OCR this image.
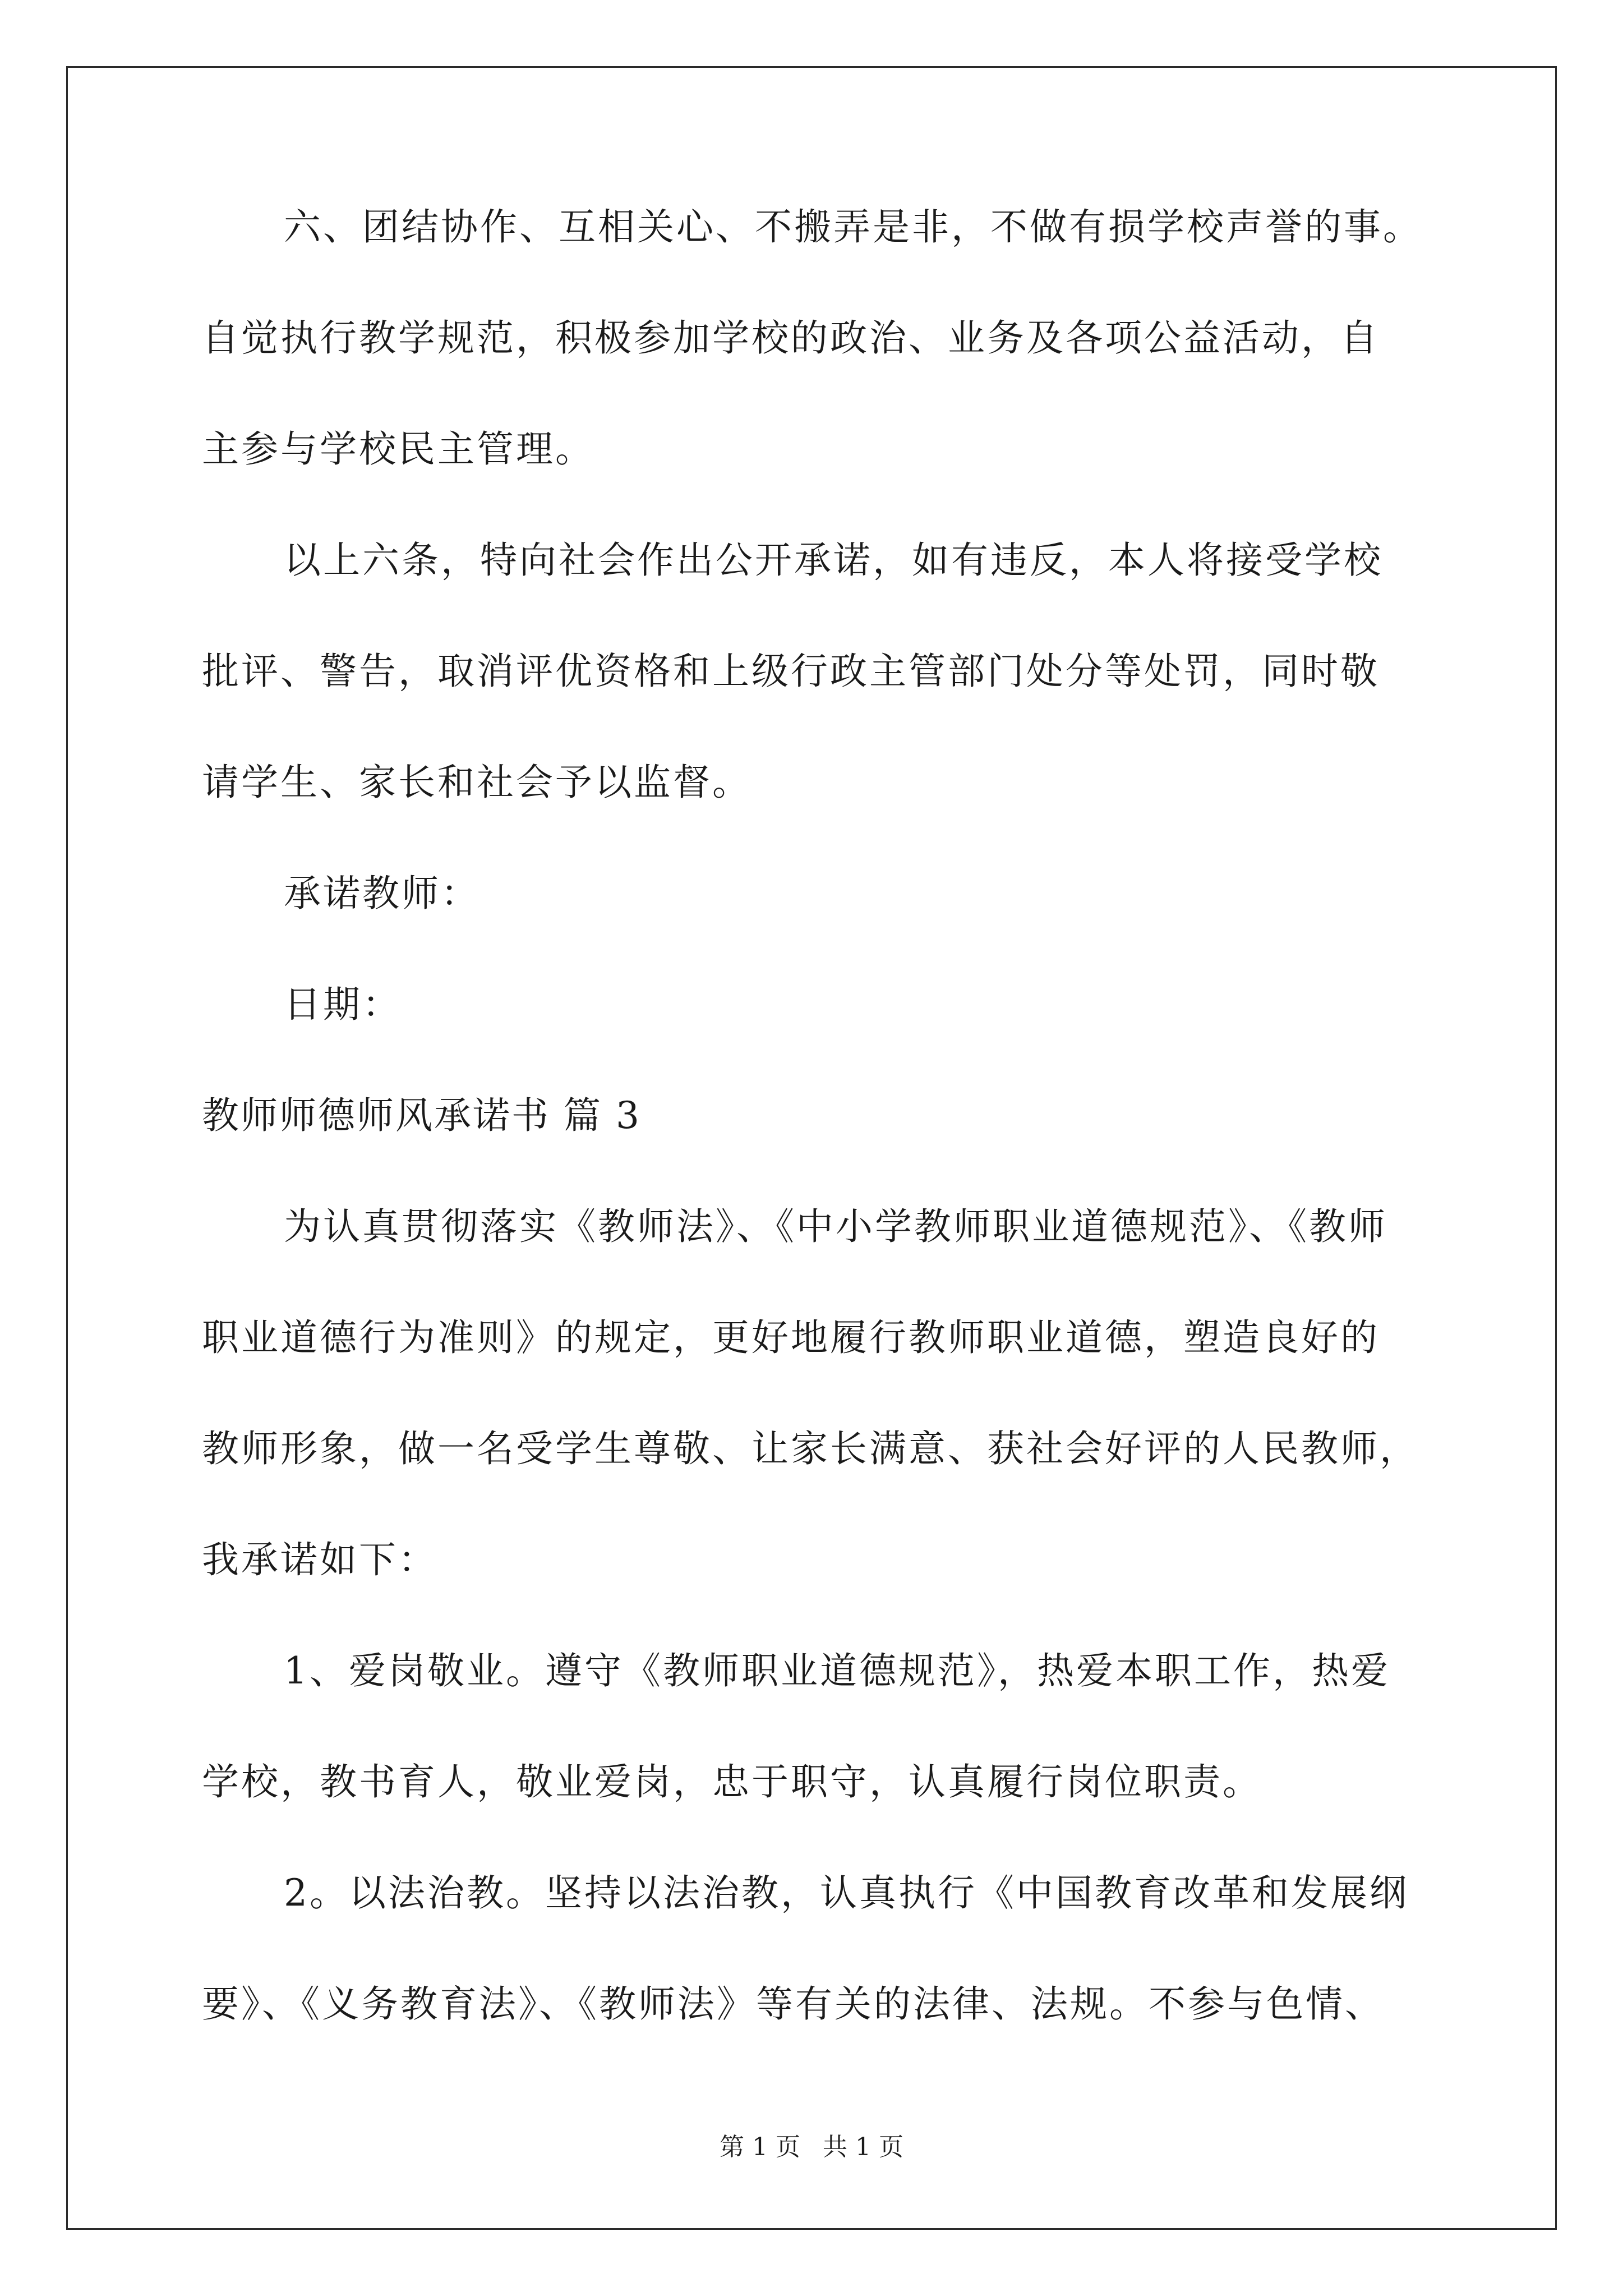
六、团结协作、互相关心、不搬弄是非，不做有损学校声誉的事。

自觉执行教学规范，积极参加学校的政治、业务及各项公益活动，自

主参与学校民主管理。

以上六条，特向社会作出公开承诺，如有违反，本人将接受学校

批评、警告，取消评优资格和上级行政主管部门处分等处罚，同时敬

请学生、家长和社会予以监督。

承诺教师：

日期：

教师师德师风承诺书 篇 3

为认真贯彻落实《教师法》、《中小学教师职业道德规范》、《教师

职业道德行为准则》的规定，更好地履行教师职业道德，塑造良好的

教师形象，做一名受学生尊敬、让家长满意、获社会好评的人民教师，

我承诺如下：

1、爱岗敬业。遵守《教师职业道德规范》，热爱本职工作，热爱

学校，教书育人，敬业爱岗，忠于职守，认真履行岗位职责。

2。以法治教。坚持以法治教，认真执行《中国教育改革和发展纲

要》、《义务教育法》、《教师法》等有关的法律、法规。不参与色情、

第 1 页 共 1 页
